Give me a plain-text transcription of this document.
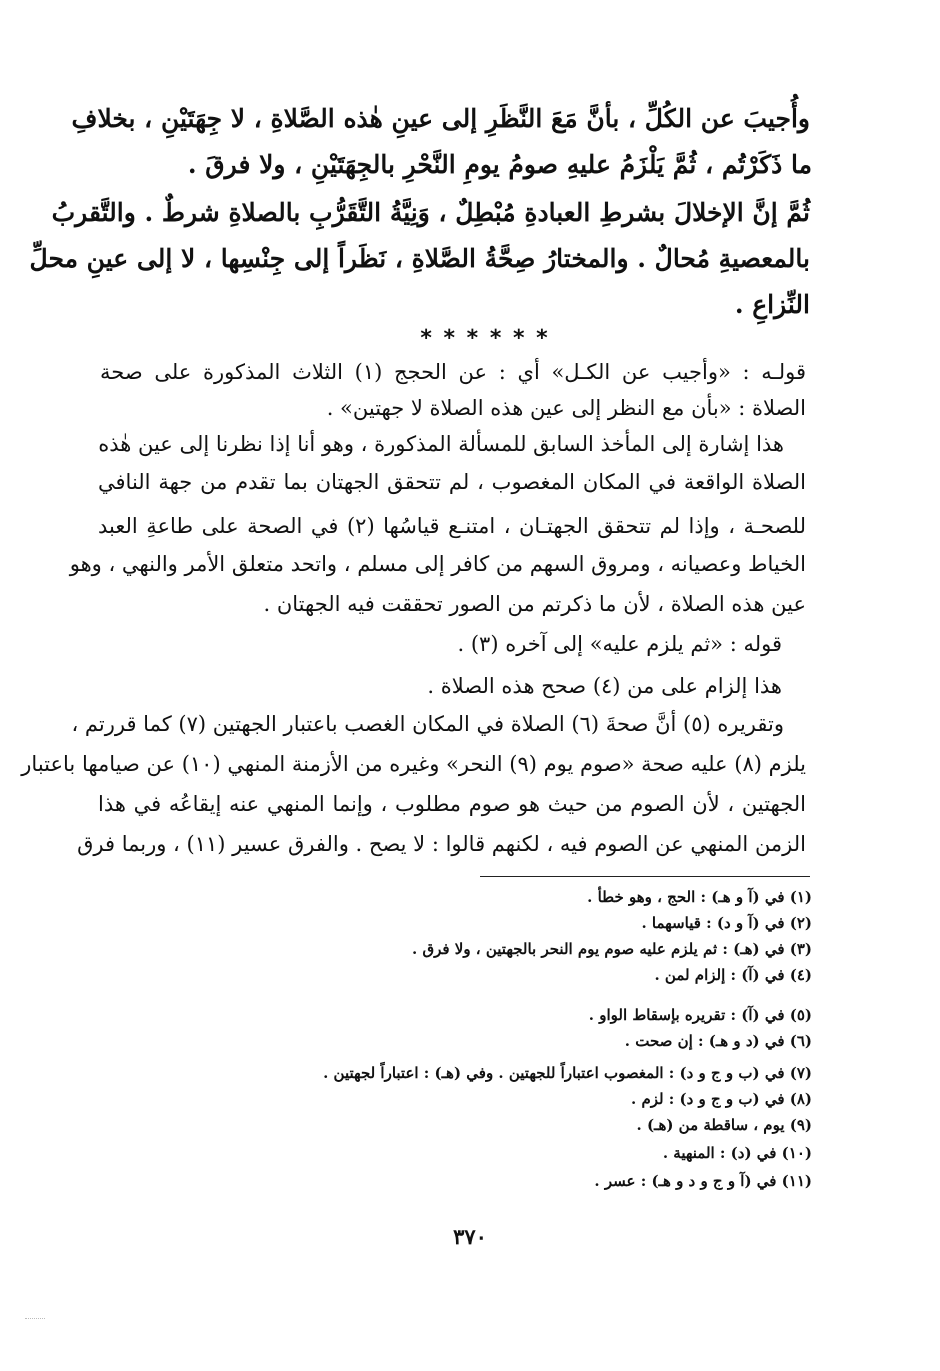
وأُجيبَ عن الكُلِّ ، بأنَّ مَعَ النَّظَرِ إلى عينِ هٰذه الصَّلاةِ ، لا جِهَتَيْنِ ، بخلافِ
ما ذَكَرْتُم ، ثُمَّ يَلْزَمُ عليهِ صومُ يومِ النَّحْرِ بالجِهَتَيْنِ ، ولا فرقَ .
ثُمَّ إنَّ الإخلالَ بشرطِ العبادةِ مُبْطِلٌ ، وَنِيَّةُ التَّقَرُّبِ بالصلاةِ شرطٌ . والتَّقربُ
بالمعصيةِ مُحالٌ . والمختارُ صِحَّةُ الصَّلاةِ ، نَظَراً إلى جِنْسِها ، لا إلى عينِ محلِّ
النِّزاعِ .
* * * * * *
قولـه : «وأجيب عن الكـل» أي : عن الحجج (١) الثلاث المذكورة على صحة
الصلاة : «بأن مع النظر إلى عين هذه الصلاة لا جهتين» .
هذا إشارة إلى المأخذ السابق للمسألة المذكورة ، وهو أنا إذا نظرنا إلى عين هٰذه
الصلاة الواقعة في المكان المغصوب ، لم تتحقق الجهتان بما تقدم من جهة النافي
للصحـة ، وإذا لم تتحقق الجهتـان ، امتنـع قياسُها (٢) في الصحة على طاعةِ العبد
الخياط وعصيانه ، ومروق السهم من كافر إلى مسلم ، واتحد متعلق الأمر والنهي ، وهو
عين هذه الصلاة ، لأن ما ذكرتم من الصور تحققت فيه الجهتان .
قوله : «ثم يلزم عليه» إلى آخره (٣) .
هذا إلزام على من (٤) صحح هذه الصلاة .
وتقريره (٥) أنَّ صحةَ (٦) الصلاة في المكان الغصب باعتبار الجهتين (٧) كما قررتم ،
يلزم (٨) عليه صحة «صوم يوم (٩) النحر» وغيره من الأزمنة المنهي (١٠) عن صيامها باعتبار
الجهتين ، لأن الصوم من حيث هو صوم مطلوب ، وإنما المنهي عنه إيقاعُه في هذا
الزمن المنهي عن الصوم فيه ، لكنهم قالوا : لا يصح . والفرق عسير (١١) ، وربما فرق
(١) في (آ و هـ) : الحج ، وهو خطأ .
(٢) في (آ و د) : قياسهما .
(٣) في (هـ) : ثم يلزم عليه صوم يوم النحر بالجهتين ، ولا فرق .
(٤) في (آ) : إلزام لمن .
(٥) في (آ) : تقريره بإسقاط الواو .
(٦) في (د و هـ) : إن صحت .
(٧) في (ب و ج و د) : المغصوب اعتباراً للجهتين . وفي (هـ) : اعتباراً لجهتين .
(٨) في (ب و ج و د) : لزم .
(٩) يوم ، ساقطة من (هـ) .
(١٠) في (د) : المنهية .
(١١) في (آ و ج و د و هـ) : عسر .
٣٧٠
